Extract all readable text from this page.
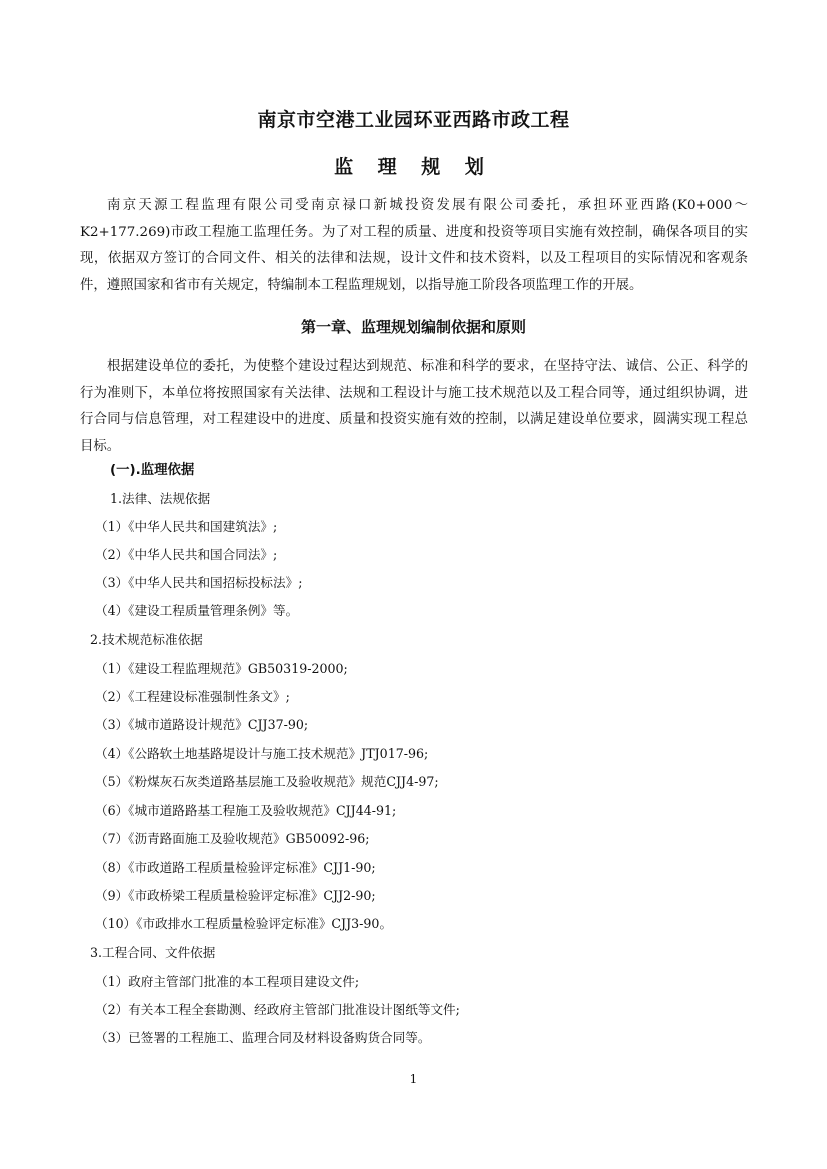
南京市空港工业园环亚西路市政工程
监 理 规 划

南京天源工程监理有限公司受南京禄口新城投资发展有限公司委托，承担环亚西路(K0+000～K2+177.269)市政工程施工监理任务。为了对工程的质量、进度和投资等项目实施有效控制，确保各项目的实现，依据双方签订的合同文件、相关的法律和法规，设计文件和技术资料，以及工程项目的实际情况和客观条件，遵照国家和省市有关规定，特编制本工程监理规划，以指导施工阶段各项监理工作的开展。

第一章、监理规划编制依据和原则

根据建设单位的委托，为使整个建设过程达到规范、标准和科学的要求，在坚持守法、诚信、公正、科学的行为准则下，本单位将按照国家有关法律、法规和工程设计与施工技术规范以及工程合同等，通过组织协调，进行合同与信息管理，对工程建设中的进度、质量和投资实施有效的控制，以满足建设单位要求，圆满实现工程总目标。

(一).监理依据
1.法律、法规依据
（1）《中华人民共和国建筑法》;
（2）《中华人民共和国合同法》;
（3）《中华人民共和国招标投标法》;
（4）《建设工程质量管理条例》等。
2.技术规范标准依据
（1）《建设工程监理规范》GB50319-2000;
（2）《工程建设标准强制性条文》;
（3）《城市道路设计规范》CJJ37-90;
（4）《公路软土地基路堤设计与施工技术规范》JTJ017-96;
（5）《粉煤灰石灰类道路基层施工及验收规范》规范CJJ4-97;
（6）《城市道路路基工程施工及验收规范》CJJ44-91;
（7）《沥青路面施工及验收规范》GB50092-96;
（8）《市政道路工程质量检验评定标准》CJJ1-90;
（9）《市政桥梁工程质量检验评定标准》CJJ2-90;
（10）《市政排水工程质量检验评定标准》CJJ3-90。
3.工程合同、文件依据
（1）政府主管部门批准的本工程项目建设文件;
（2）有关本工程全套勘测、经政府主管部门批准设计图纸等文件;
（3）已签署的工程施工、监理合同及材料设备购货合同等。
1
